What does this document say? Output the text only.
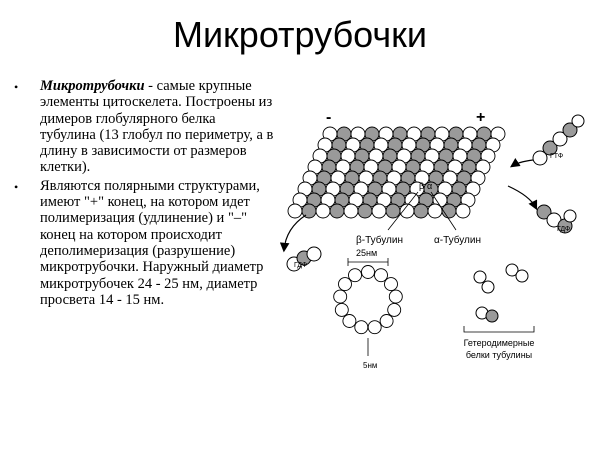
Микротрубочки
•	Микротрубочки - самые крупные элементы цитоскелета. Построены из димеров глобулярного белка тубулина (13 глобул по периметру, а в длину в зависимости от размеров клетки).
•	Являются полярными структурами, имеют "+" конец, на котором идет полимеризация (удлинение) и "–" конец на котором происходит деполимеризация (разрушение) микротрубочки. Наружный диаметр микротрубочек 24 - 25 нм, диаметр просвета 14 - 15 нм.
-	+
β α
β-Тубулин	α-Тубулин
ГТФ
ГДФ
ГДФ
25нм
5нм
Гетеродимерные
белки тубулины
